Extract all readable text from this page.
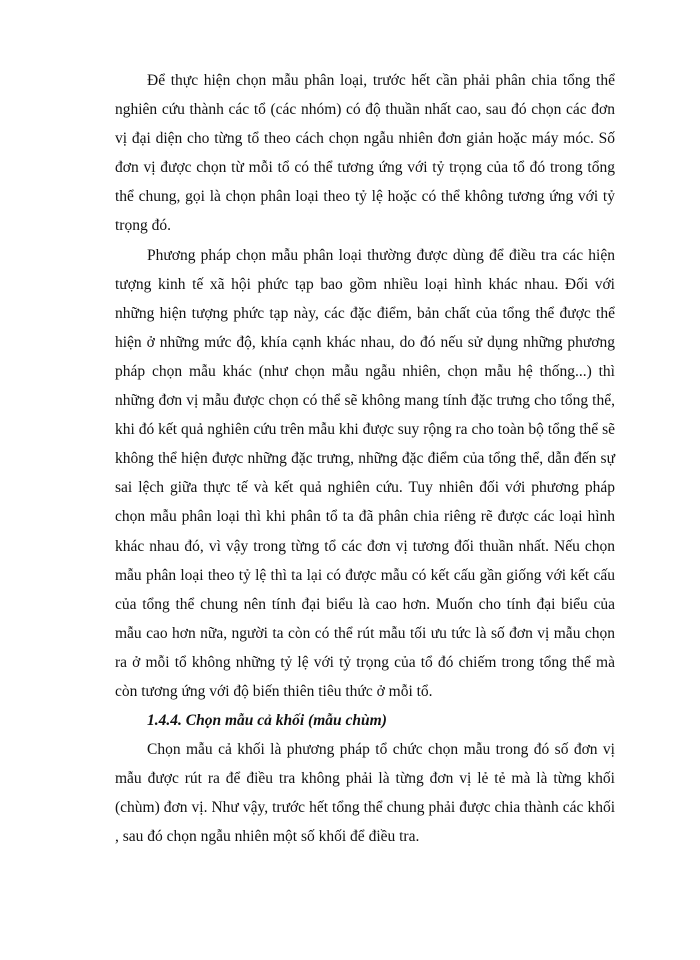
Để thực hiện chọn mẫu phân loại, trước hết cần phải phân chia tổng thể nghiên cứu thành các tổ (các nhóm) có độ thuần nhất cao, sau đó chọn các đơn vị đại diện cho từng tổ theo cách chọn ngẫu nhiên đơn giản hoặc máy móc. Số đơn vị được chọn từ mỗi tổ có thể tương ứng với tỷ trọng của tổ đó trong tổng thể chung, gọi là chọn phân loại theo tỷ lệ hoặc có thể không tương ứng với tỷ trọng đó.

Phương pháp chọn mẫu phân loại thường được dùng để điều tra các hiện tượng kinh tế xã hội phức tạp bao gồm nhiều loại hình khác nhau. Đối với những hiện tượng phức tạp này, các đặc điểm, bản chất của tổng thể được thể hiện ở những mức độ, khía cạnh khác nhau, do đó nếu sử dụng những phương pháp chọn mẫu khác (như chọn mẫu ngẫu nhiên, chọn mẫu hệ thống...) thì những đơn vị mẫu được chọn có thể sẽ không mang tính đặc trưng cho tổng thể, khi đó kết quả nghiên cứu trên mẫu khi được suy rộng ra cho toàn bộ tổng thể sẽ không thể hiện được những đặc trưng, những đặc điểm của tổng thể, dẫn đến sự sai lệch giữa thực tế và kết quả nghiên cứu. Tuy nhiên đối với phương pháp chọn mẫu phân loại thì khi phân tổ ta đã phân chia riêng rẽ được các loại hình khác nhau đó, vì vậy trong từng tổ các đơn vị tương đối thuần nhất. Nếu chọn mẫu phân loại theo tỷ lệ thì ta lại có được mẫu có kết cấu gần giống với kết cấu của tổng thể chung nên tính đại biểu là cao hơn. Muốn cho tính đại biểu của mẫu cao hơn nữa, người ta còn có thể rút mẫu tối ưu tức là số đơn vị mẫu chọn ra ở mỗi tổ không những tỷ lệ với tỷ trọng của tổ đó chiếm trong tổng thể mà còn tương ứng với độ biến thiên tiêu thức ở mỗi tổ.

1.4.4. Chọn mẫu cả khối (mẫu chùm)

Chọn mẫu cả khối là phương pháp tổ chức chọn mẫu trong đó số đơn vị mẫu được rút ra để điều tra không phải là từng đơn vị lẻ tẻ mà là từng khối (chùm) đơn vị. Như vậy, trước hết tổng thể chung phải được chia thành các khối , sau đó chọn ngẫu nhiên một số khối để điều tra.
